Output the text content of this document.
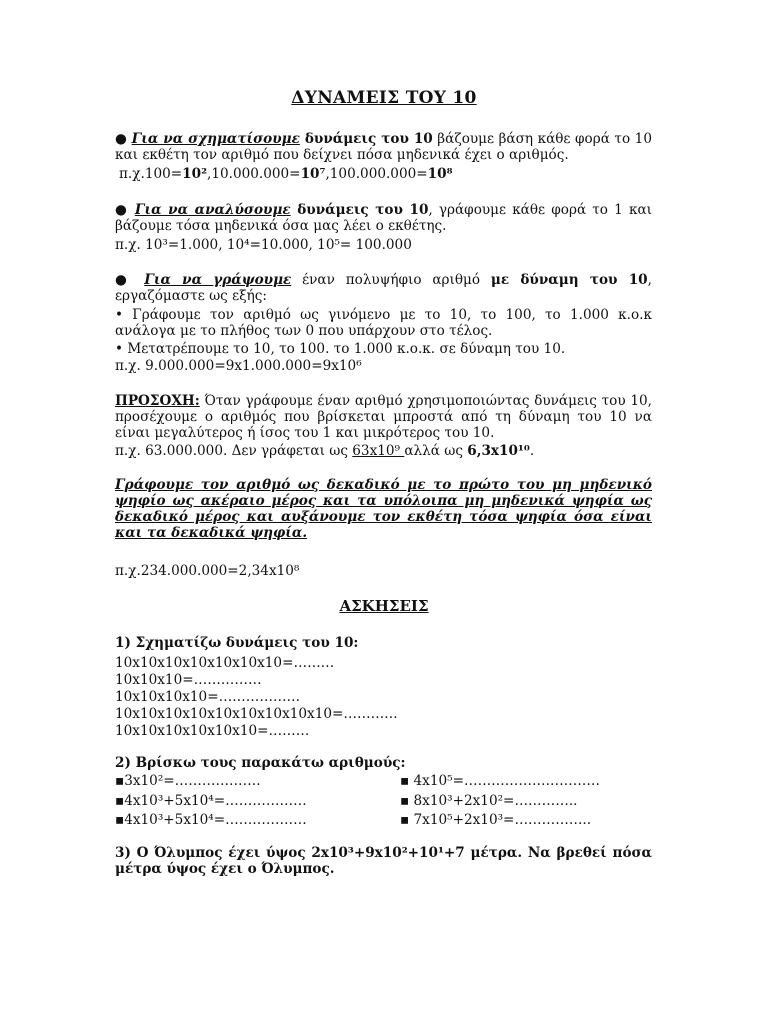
ΔΥΝΑΜΕΙΣ ΤΟΥ 10
● Για να σχηματίσουμε δυνάμεις του 10 βάζουμε βάση κάθε φορά το 10 και εκθέτη τον αριθμό που δείχνει πόσα μηδενικά έχει ο αριθμός.
π.χ.100=10²,10.000.000=10⁷,100.000.000=10⁸
● Για να αναλύσουμε δυνάμεις του 10, γράφουμε κάθε φορά το 1 και βάζουμε τόσα μηδενικά όσα μας λέει ο εκθέτης.
π.χ. 10³=1.000, 10⁴=10.000, 10⁵= 100.000
● Για να γράψουμε έναν πολυψήφιο αριθμό με δύναμη του 10, εργαζόμαστε ως εξής:
• Γράφουμε τον αριθμό ως γινόμενο με το 10, το 100, το 1.000 κ.ο.κ ανάλογα με το πλήθος των 0 που υπάρχουν στο τέλος.
• Μετατρέπουμε το 10, το 100. το 1.000 κ.ο.κ. σε δύναμη του 10.
π.χ. 9.000.000=9x1.000.000=9x10⁶
ΠΡΟΣΟΧΗ: Όταν γράφουμε έναν αριθμό χρησιμοποιώντας δυνάμεις του 10, προσέχουμε ο αριθμός που βρίσκεται μπροστά από τη δύναμη του 10 να είναι μεγαλύτερος ή ίσος του 1 και μικρότερος του 10.
π.χ. 63.000.000. Δεν γράφεται ως 63x10⁹ αλλά ως 6,3x10¹⁰.
Γράφουμε τον αριθμό ως δεκαδικό με το πρώτο του μη μηδενικό ψηφίο ως ακέραιο μέρος και τα υπόλοιπα μη μηδενικά ψηφία ως δεκαδικό μέρος και αυξάνουμε τον εκθέτη τόσα ψηφία όσα είναι και τα δεκαδικά ψηφία.
π.χ.234.000.000=2,34x10⁸
ΑΣΚΗΣΕΙΣ
1) Σχηματίζω δυνάμεις του 10:
10x10x10x10x10x10x10=………
10x10x10=……………
10x10x10x10=………………
10x10x10x10x10x10x10x10x10=…………
10x10x10x10x10x10=………
2) Βρίσκω τους παρακάτω αριθμούς:
▪3x10²=……………….	▪ 4x10⁵=…………………………
▪4x10³+5x10⁴=………………	▪ 8x10³+2x10²=…………..
▪4x10³+5x10⁴=………………	▪ 7x10⁵+2x10³=……………..
3) Ο Όλυμπος έχει ύψος 2x10³+9x10²+10¹+7 μέτρα. Να βρεθεί πόσα μέτρα ύψος έχει ο Όλυμπος.
